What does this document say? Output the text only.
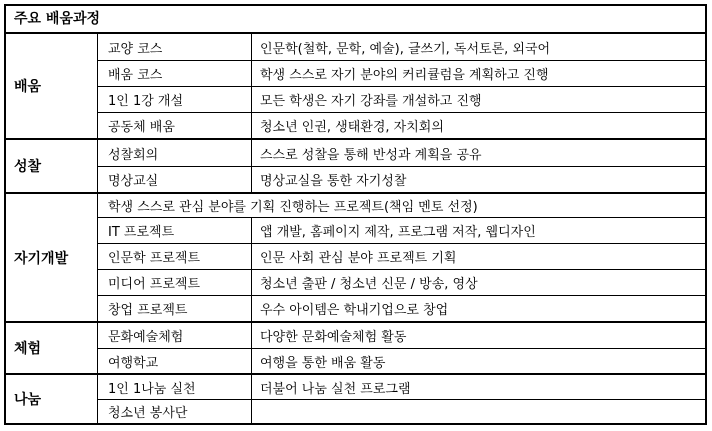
주요 배움과정
배움
교양 코스	인문학(철학, 문학, 예술), 글쓰기, 독서토론, 외국어
배움 코스	학생 스스로 자기 분야의 커리큘럼을 계획하고 진행
1인 1강 개설	모든 학생은 자기 강좌를 개설하고 진행
공동체 배움	청소년 인권, 생태환경, 자치회의
성찰
성찰회의	스스로 성찰을 통해 반성과 계획을 공유
명상교실	명상교실을 통한 자기성찰
자기개발
학생 스스로 관심 분야를 기획 진행하는 프로젝트(책임 멘토 선정)
IT 프로젝트	앱 개발, 홈페이지 제작, 프로그램 저작, 웹디자인
인문학 프로젝트	인문 사회 관심 분야 프로젝트 기획
미디어 프로젝트	청소년 출판 / 청소년 신문 / 방송, 영상
창업 프로젝트	우수 아이템은 학내기업으로 창업
체험
문화예술체험	다양한 문화예술체험 활동
여행학교	여행을 통한 배움 활동
나눔
1인 1나눔 실천	더불어 나눔 실천 프로그램
청소년 봉사단
